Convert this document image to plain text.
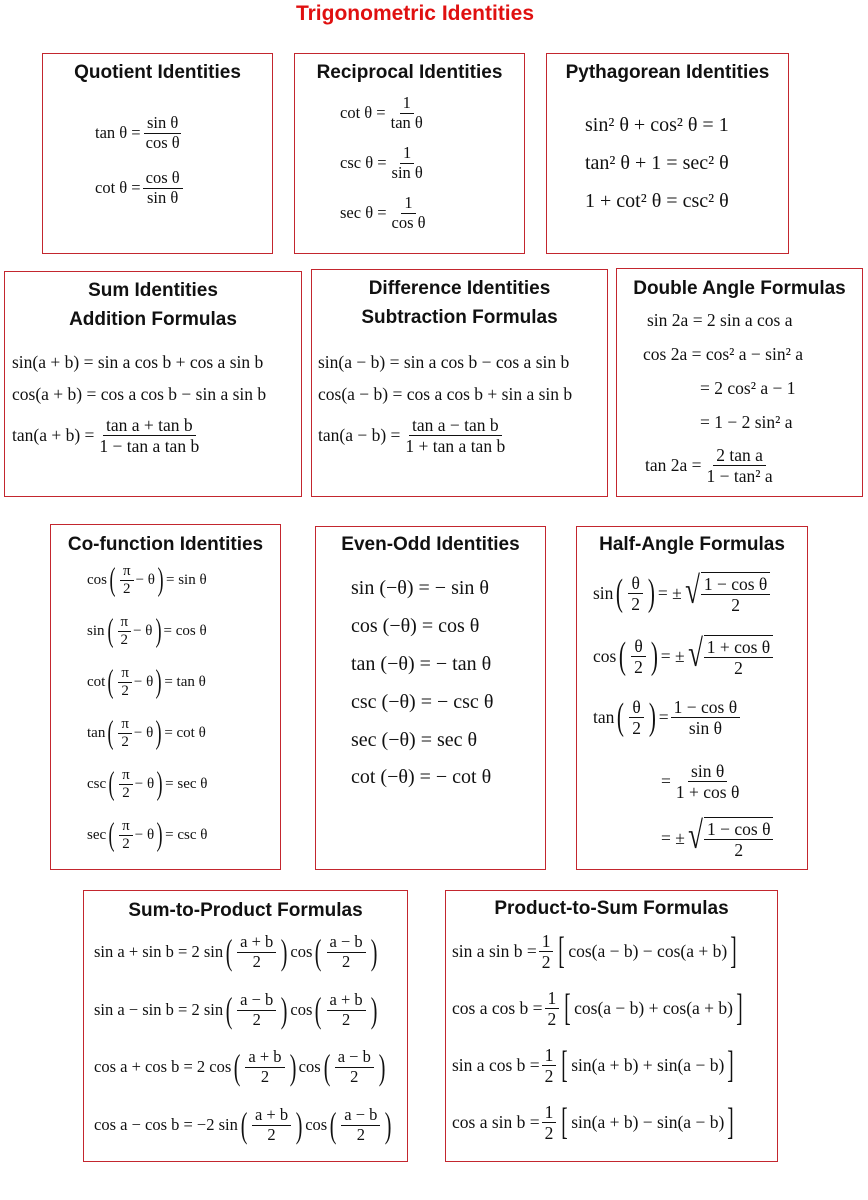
Trigonometric Identities
Quotient Identities
$\tan \theta = \frac{\text{sin θ}}{\text{cos θ}}$
$\cot \theta = \frac{\text{cos θ}}{\text{sin θ}}$
Reciprocal Identities
$\cot \theta = \frac{1}{\text{tan θ}}$
$\csc \theta = \frac{1}{\text{sin θ}}$
$\sec \theta = \frac{1}{\text{cos θ}}$
Pythagorean Identities
sin² θ + cos² θ = 1
tan² θ + 1 = sec² θ
1 + cot² θ = csc² θ
Sum Identities
Addition Formulas
sin(a + b) = sin a cos b + cos a sin b
cos(a + b) = cos a cos b − sin a sin b
$\tan(a + b) = \frac{\text{tan a + tan b}}{\text{1 − tan a tan b}}$
Difference Identities
Subtraction Formulas
sin(a − b) = sin a cos b − cos a sin b
cos(a − b) = cos a cos b + sin a sin b
$\tan(a - b) = \frac{\text{tan a − tan b}}{\text{1 + tan a tan b}}$
Double Angle Formulas
sin 2a = 2 sin a cos a
cos 2a = cos² a − sin² a
= 2 cos² a − 1
= 1 − 2 sin² a
$\tan 2a = \frac{\text{2 tan a}}{\text{1 − tan² a}}$
Co-function Identities
cos ( $\frac{\pi}{2} - \theta$ ) = sin θ
sin ( $\frac{\pi}{2} - \theta$ ) = cos θ
cot ( $\frac{\pi}{2} - \theta$ ) = tan θ
tan ( $\frac{\pi}{2} - \theta$ ) = cot θ
csc ( $\frac{\pi}{2} - \theta$ ) = sec θ
sec ( $\frac{\pi}{2} - \theta$ ) = csc θ
Even-Odd Identities
sin (−θ) = − sin θ
cos (−θ) = cos θ
tan (−θ) = − tan θ
csc (−θ) = − csc θ
sec (−θ) = sec θ
cot (−θ) = − cot θ
Half-Angle Formulas
sin ( $\frac{\theta}{2}$ ) = ± √ $\frac{\text{1 − cos θ}}{2}$
cos ( $\frac{\theta}{2}$ ) = ± √ $\frac{\text{1 + cos θ}}{2}$
tan ( $\frac{\theta}{2}$ ) = $\frac{\text{1 − cos θ}}{\text{sin θ}}$
= $\frac{\text{sin θ}}{\text{1 + cos θ}}$
= ± √ $\frac{\text{1 − cos θ}}{2}$
Sum-to-Product Formulas
sin a + sin b = 2 sin ( $\frac{a + b}{2}$ ) cos ( $\frac{a - b}{2}$ )
sin a − sin b = 2 sin ( $\frac{a - b}{2}$ ) cos ( $\frac{a + b}{2}$ )
cos a + cos b = 2 cos ( $\frac{a + b}{2}$ ) cos ( $\frac{a - b}{2}$ )
cos a − cos b = −2 sin ( $\frac{a + b}{2}$ ) cos ( $\frac{a - b}{2}$ )
Product-to-Sum Formulas
sin a $\sin b = \frac{1}{2}$ [ cos(a − b) − cos(a + b) ]
cos a $\cos b = \frac{1}{2}$ [ cos(a − b) + cos(a + b) ]
sin a $\cos b = \frac{1}{2}$ [ sin(a + b) + sin(a − b) ]
cos a $\sin b = \frac{1}{2}$ [ sin(a + b) − sin(a − b) ]
